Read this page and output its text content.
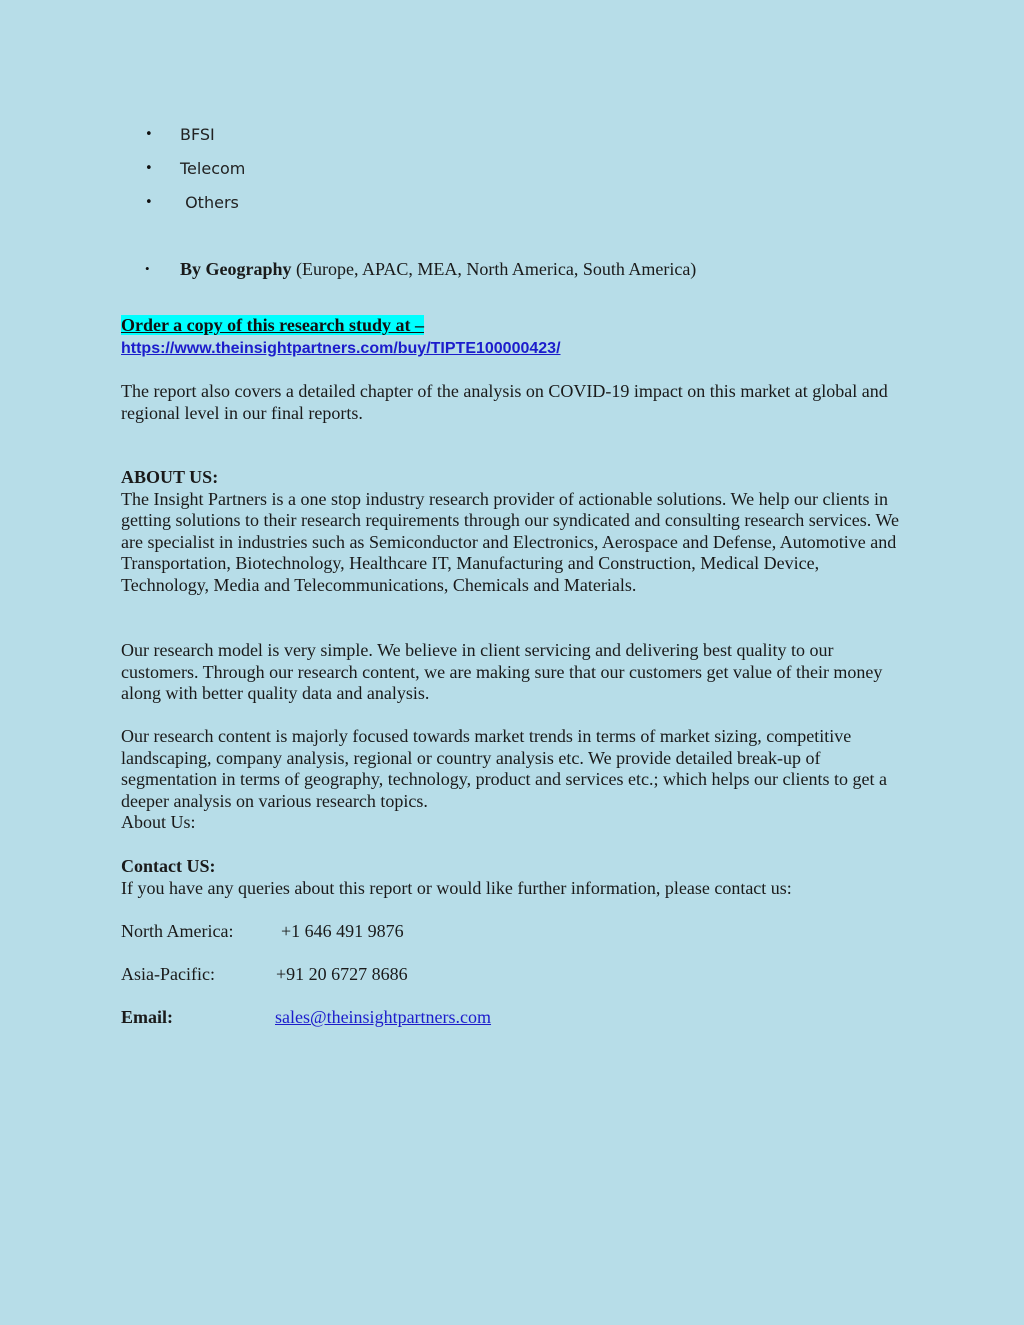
•	BFSI
•	Telecom
•	Others
•	By Geography (Europe, APAC, MEA, North America, South America)
Order a copy of this research study at –
https://www.theinsightpartners.com/buy/TIPTE100000423/
The report also covers a detailed chapter of the analysis on COVID-19 impact on this market at global and regional level in our final reports.
ABOUT US:
The Insight Partners is a one stop industry research provider of actionable solutions. We help our clients in getting solutions to their research requirements through our syndicated and consulting research services. We are specialist in industries such as Semiconductor and Electronics, Aerospace and Defense, Automotive and Transportation, Biotechnology, Healthcare IT, Manufacturing and Construction, Medical Device, Technology, Media and Telecommunications, Chemicals and Materials.
Our research model is very simple. We believe in client servicing and delivering best quality to our customers. Through our research content, we are making sure that our customers get value of their money along with better quality data and analysis.
Our research content is majorly focused towards market trends in terms of market sizing, competitive landscaping, company analysis, regional or country analysis etc. We provide detailed break-up of segmentation in terms of geography, technology, product and services etc.; which helps our clients to get a deeper analysis on various research topics.
About Us:
Contact US:
If you have any queries about this report or would like further information, please contact us:
North America:	+1 646 491 9876
Asia-Pacific:	+91 20 6727 8686
Email:	sales@theinsightpartners.com
